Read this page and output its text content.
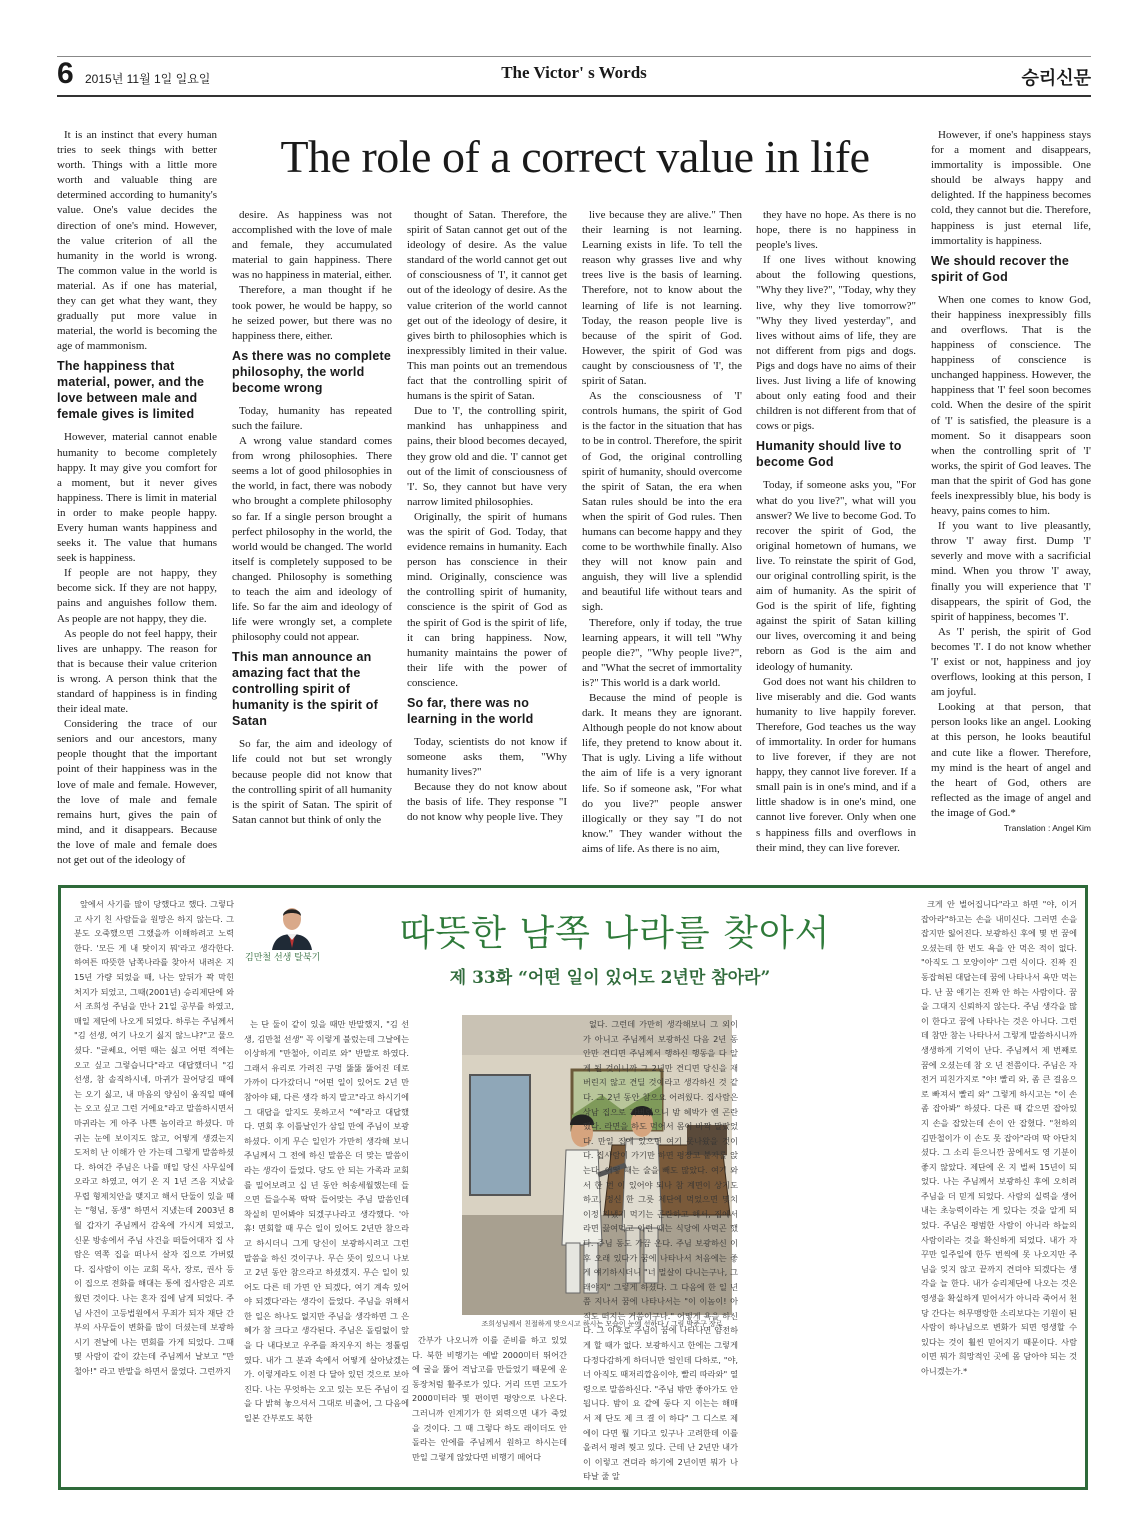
6 2015년 11월 1일 일요일	The Victor' s Words	승리신문
The role of a correct value in life

It is an instinct that every human tries to seek things with better worth. Things with a little more worth and valuable thing are determined according to humanity's value. One's value decides the direction of one's mind. However, the value criterion of all the humanity in the world is wrong. The common value in the world is material. As if one has material, they can get what they want, they gradually put more value in material, the world is becoming the age of mammonism.

The happiness that material, power, and the love between male and female gives is limited

However, material cannot enable humanity to become completely happy. It may give you comfort for a moment, but it never gives happiness. There is limit in material in order to make people happy. Every human wants happiness and seeks it. The value that humans seek is happiness.

If people are not happy, they become sick. If they are not happy, pains and anguishes follow them. As people are not happy, they die.

As people do not feel happy, their lives are unhappy. The reason for that is because their value criterion is wrong. A person think that the standard of happiness is in finding their ideal mate.

Considering the trace of our seniors and our ancestors, many people thought that the important point of their happiness was in the love of male and female. However, the love of male and female remains hurt, gives the pain of mind, and it disappears. Because the love of male and female does not get out of the ideology of

desire. As happiness was not accomplished with the love of male and female, they accumulated material to gain happiness. There was no happiness in material, either.

Therefore, a man thought if he took power, he would be happy, so he seized power, but there was no happiness there, either.

As there was no complete philosophy, the world become wrong

Today, humanity has repeated such the failure.

A wrong value standard comes from wrong philosophies. There seems a lot of good philosophies in the world, in fact, there was nobody who brought a complete philosophy so far. If a single person brought a perfect philosophy in the world, the world would be changed. The world itself is completely supposed to be changed. Philosophy is something to teach the aim and ideology of life. So far the aim and ideology of life were wrongly set, a complete philosophy could not appear.

This man announce an amazing fact that the controlling spirit of humanity is the spirit of Satan

So far, the aim and ideology of life could not but set wrongly because people did not know that the controlling spirit of all humanity is the spirit of Satan. The spirit of Satan cannot but think of only the

thought of Satan. Therefore, the spirit of Satan cannot get out of the ideology of desire. As the value standard of the world cannot get out of consciousness of 'I', it cannot get out of the ideology of desire. As the value criterion of the world cannot get out of the ideology of desire, it gives birth to philosophies which is inexpressibly limited in their value. This man points out an tremendous fact that the controlling spirit of humans is the spirit of Satan.

Due to 'I', the controlling spirit, mankind has unhappiness and pains, their blood becomes decayed, they grow old and die. 'I' cannot get out of the limit of consciousness of 'I'. So, they cannot but have very narrow limited philosophies.

Originally, the spirit of humans was the spirit of God. Today, that evidence remains in humanity. Each person has conscience in their mind. Originally, conscience was the controlling spirit of humanity, conscience is the spirit of God as the spirit of God is the spirit of life, it can bring happiness. Now, humanity maintains the power of their life with the power of conscience.

So far, there was no learning in the world

Today, scientists do not know if someone asks them, "Why humanity lives?"

Because they do not know about the basis of life. They response "I do not know why people live. They

live because they are alive." Then their learning is not learning. Learning exists in life. To tell the reason why grasses live and why trees live is the basis of learning. Therefore, not to know about the learning of life is not learning. Today, the reason people live is because of the spirit of God. However, the spirit of God was caught by consciousness of 'I', the spirit of Satan.

As the consciousness of 'I' controls humans, the spirit of God is the factor in the situation that has to be in control. Therefore, the spirit of God, the original controlling spirit of humanity, should overcome the spirit of Satan, the era when Satan rules should be into the era when the spirit of God rules. Then humans can become happy and they come to be worthwhile finally. Also they will not know pain and anguish, they will live a splendid and beautiful life without tears and sigh.

Therefore, only if today, the true learning appears, it will tell "Why people die?", "Why people live?", and "What the secret of immortality is?" This world is a dark world.

Because the mind of people is dark. It means they are ignorant. Although people do not know about life, they pretend to know about it. That is ugly. Living a life without the aim of life is a very ignorant life. So if someone ask, "For what do you live?" people answer illogically or they say "I do not know." They wander without the aims of life. As there is no aim,

they have no hope. As there is no hope, there is no happiness in people's lives.

If one lives without knowing about the following questions, "Why they live?", "Today, why they live, why they live tomorrow?" "Why they lived yesterday", and lives without aims of life, they are not different from pigs and dogs. Pigs and dogs have no aims of their lives. Just living a life of knowing about only eating food and their children is not different from that of cows or pigs.

Humanity should live to become God

Today, if someone asks you, "For what do you live?", what will you answer? We live to become God. To recover the spirit of God, the original hometown of humans, we live. To reinstate the spirit of God, our original controlling spirit, is the aim of humanity. As the spirit of God is the spirit of life, fighting against the spirit of Satan killing our lives, overcoming it and being reborn as God is the aim and ideology of humanity.

God does not want his children to live miserably and die. God wants humanity to live happily forever. Therefore, God teaches us the way of immortality. In order for humans to live forever, if they are not happy, they cannot live forever. If a small pain is in one's mind, and if a little shadow is in one's mind, one cannot live forever. Only when one s happiness fills and overflows in their mind, they can live forever.

However, if one's happiness stays for a moment and disappears, immortality is impossible. One should be always happy and delighted. If the happiness becomes cold, they cannot but die. Therefore, happiness is just eternal life, immortality is happiness.

We should recover the spirit of God

When one comes to know God, their happiness inexpressibly fills and overflows. That is the happiness of conscience. The happiness of conscience is unchanged happiness. However, the happiness that 'I' feel soon becomes cold. When the desire of the spirit of 'I' is satisfied, the pleasure is a moment. So it disappears soon when the controlling sprit of 'I' works, the spirit of God leaves. The man that the spirit of God has gone feels inexpressibly blue, his body is heavy, pains comes to him.

If you want to live pleasantly, throw 'I' away first. Dump 'I' severly and move with a sacrificial mind. When you throw 'I' away, finally you will experience that 'I' disappears, the spirit of God, the spirit of happiness, becomes 'I'.

As 'I' perish, the spirit of God becomes 'I'. I do not know whether 'I' exist or not, happiness and joy overflows, looking at this person, I am joyful.

Looking at that person, that person looks like an angel. Looking at this person, he looks beautiful and cute like a flower. Therefore, my mind is the heart of angel and the heart of God, others are reflected as the image of angel and the image of God.*

Translation : Angel Kim
김만철 선생 탈북기
따뜻한 남쪽 나라를 찾아서
제 33화 “어떤 일이 있어도 2년만 참아라”

앞에서 사기를 많이 당했다고 했다. 그렇다고 사기 친 사람들을 원망은 하지 않는다. 그분도 오죽했으면 그랬을까 이해하려고 노력한다. '모든 게 내 탓이지 뭐'라고 생각한다. 하여튼 따뜻한 남쪽나라를 찾아서 내려온 지 15년 가량 되었을 때, 나는 앞뒤가 꽉 막힌 처지가 되었고, 그때(2001년) 승리제단에 와서 조희성 주님을 만나 21일 공부를 하였고, 매일 제단에 나오게 되었다. 하루는 주님께서 "김 선생, 여기 나오기 싫지 않느냐?"고 물으셨다. "글쎄요, 어떤 때는 싫고 어떤 적에는 오고 싶고 그렇습니다"라고 대답했더니 "김 선생, 참 솔직하시네, 마귀가 끌어당길 때에는 오기 싫고, 내 마음의 양심이 움직일 때에는 오고 싶고 그런 거에요"라고 말씀하시면서 마귀라는 게 아주 나쁜 놈이라고 하셨다. 마귀는 눈에 보이지도 않고, 어떻게 생겼는지 도저히 난 이해가 안 가는데 그렇게 말씀하셨다. 하여간 주님은 나를 매일 당신 사무실에 오라고 하였고, 여기 온 지 1년 즈음 지났을 무렵 형제치안을 맺지고 해서 단둘이 있을 때는 "형님, 동생" 하면서 지냈는데 2003년 8월 갑자기 주님께서 감옥에 가시게 되었고, 신문 방송에서 주님 사건을 떠들어대자 집 사람은 역쪽 집을 떠나서 살자 집으로 가버렸다. 집사람이 이는 교회 목사, 장로, 권사 등이 집으로 전화를 해대는 통에 집사람은 괴로웠던 것이다. 나는 혼자 집에 남게 되었다. 주님 사건이 고등법원에서 무죄가 되자 재단 간부의 사무들이 변화를 많이 더셨는데 보광하시기 전날에 나는 면회를 가게 되었다. 그때 몇 사람이 같이 갔는데 주님께서 날보고 "만철아!" 라고 반말을 하면서 물었다. 그런까지

는 단 둘이 같이 있을 때만 반말했지, "김 선생, 김만철 선생" 꼭 이렇게 불렀는데 그날에는 이상하게 "만철아, 이리로 와" 반말로 하였다. 그래서 유리로 가려진 구멍 뚫뚫 뚫어진 데로 가까이 다가갔더니 "어떤 일이 있어도 2년 만 참아야 돼, 다른 생각 하지 말고"라고 하시기에 그 대답을 알지도 못하고서 "예"라고 대답했다. 면회 후 이틀날인가 삼일 만에 주님이 보광하셨다. 이게 무슨 일인가 가만히 생각해 보니 주님께서 그 전에 하신 말씀은 더 맞는 말씀이라는 생각이 들었다. 당도 안 되는 가족과 교회를 밀어보려고 십 년 동안 허송세월했는데 들으면 들을수록 딱딱 들어맞는 주님 말씀인데 착실히 믿어봐야 되겠구나라고 생각했다. '아휴! 면회할 때 무슨 일이 있어도 2년만 참으라고 하시더니 그게 당신이 보광하시려고 그런 말씀을 하신 것이구나. 무슨 뜻이 있으니 나보고 2년 동안 참으라고 하셨겠지. 무슨 일이 있어도 다른 데 가면 안 되겠다, 여기 계속 있어야 되겠다'라는 생각이 들었다. 주님을 위해서 한 일은 하나도 없지만 주님을 생각하면 그 은혜가 참 크다고 생각된다. 주님은 돌림없이 앞을 다 내다보고 우주를 좌지우지 하는 정툴림였다. 내가 그 분과 속에서 어떻게 살아났겠는가. 이렇게라도 이전 다 달아 있던 것으로 보아진다. 나는 무엇하는 오고 있는 모든 주님이 길을 다 밝혀 놓으셔서 그대로 비출어, 그 다음에 일본 간부로도 복한

조희성님께서 친절하게 맞으시고 하시는 모습이 눈에 선하다 / 그림 박준구 장로

간부가 나오니까 이를 준비를 하고 있었다. 북한 비행기는 예발 2000미터 뛰어간에 굴을 뚫어 격납고를 만들었기 때문에 운동장처럼 활주로가 있다. 거리 뜨면 고도가 2000미터라 몇 편이면 평양으로 나온다. 그러니까 인계기가 한 외력으면 내가 죽었을 것이다. 그 때 그렇다 하도 래이더도 안 돌라는 안에를 주님께서 원하고 하시는데 만일 그렇게 않았다면 비행기 떼어다

없다. 그런데 가만히 생각해보니 그 외이가 아니고 주님께서 보광하신 다음 2년 동안만 견디면 주님께서 행하신 행동을 다 알게 될 것이니까 그 2년만 견디면 당신을 재버린지 않고 견딜 것이라고 생각하신 것 같다. 그 2년 동안 참으요 어려웠다. 집사람은 상남 집으로 가버렸으니 밤 혜박가 엔 곤란했다. 라면을 하도 먹어서 몸이 바짝 말랐었다. 만일 집에 있으면 여기 못나왔을 것이다. 집사람이 가기만 하면 평장고 붙자를 앉는다. 어떻 때는 술을 빼도 많았다. 여기 와서 한 번 이 있어야 되나 참 계면이 상기도 하고, 정신 한 그릇 제단에 먹었으면 몇치 이정 지냈기 먹기는 곤란하고 해서, 집에서 라면 끓여먹고 이런 때는 식당에 사먹곤 했다. 주님 동도 가끔 온다. 주님 보광하신 이후 오래 있다가 꿈에 나타나서 처음에는 좋게 얘기하시더니 "너 멀살이 다니는구나, 그래야지" 그렇게 하셨다. 그 다음에 한 일 년쯤 지나서 꿈에 나타나서는 "이 이놈이! 아직도 떠지는 거씀이구나." 어떻게 욕을 하신다. 그 이후로 주님이 꿈에 나타나면 얌전하게 할 때가 없다. 보광하시고 한에는 그렇게 다정다감하게 하더니만 얼인데 다하로, "야, 너 아직도 때저리깝음이야, 빨리 따라와" 열령으로 말씀하신다. "주님 밖만 좋아가도 안 됩니다. 밤이 요 같에 둥다 지 이는는 해매서 제 단도 제 크 결 이 하다" 그 디스로 제 에이 다면 뭘 기다고 있구나 고려한데 이를 올려서 평려 뭣고 있다. 근데 난 2년만 내가 이 이렇고 견뎌라 하기에 2년이면 뭐가 나타날 줄 알

크게 안 벌어집니다"라고 하면 "야, 이거 잡아라"하고는 손을 내미신다. 그러면 손을 잡지만 잃어진다. 보광하신 후에 몇 번 꿈에 오셨는데 한 번도 욕을 안 먹은 적이 없다. "아직도 그 모양이야" 그런 식이다. 진짜 진동잡혀된 대답는데 꿈에 나타나서 욕만 먹는다. 난 꿈 얘기는 진짜 안 하는 사람이다. 꿈을 그대지 신뢰하지 않는다. 주님 생각을 많이 한다고 꿈에 나타나는 것은 아니다. 그런데 참만 참는 나타나서 그렇게 말씀하시니까 생생하게 기억이 난다. 주님께서 제 번째로 꿈에 오셨는데 참 오 년 전쯤이다. 주님은 자전거 피친가지로 "야! 빨리 와, 좀 큰 걸음으로 빠져서 빨리 와" 그렇게 하시고는 "이 손 좀 잡아봐" 하셨다. 다른 때 같으면 잡아있지 손을 잡았는데 손이 안 잡혔다. "천하의 김만철이가 이 손도 못 잡아"라며 딱 아단치셨다. 그 소리 듣으니깐 꿈에서도 영 기분이 좋지 않았다. 제단에 온 지 벌써 15년이 되었다. 나는 주님께서 보광하신 후에 오히려 주님을 더 믿게 되었다. 사람의 실력을 생어내는 초능력이라는 게 있다는 것을 알게 되었다. 주님은 평범한 사람이 아니라 하늘의 사람이라는 것을 확신하게 되었다. 내가 자꾸만 일주일에 한두 번씩에 못 나오지만 주님을 잊지 않고 끝까지 견뎌야 되겠다는 생각을 늘 한다. 내가 승리제단에 나오는 것은 영생을 확실하게 믿어서가 아니라 죽어서 천당 간다는 허무맹랑한 소리보다는 기원이 된 사람이 하나님으로 변화가 되면 영생할 수 있다는 것이 훨씬 믿어지기 때문이다. 사람이면 뭐가 희망적인 곳에 몸 담아야 되는 것 아니겠는가.*
